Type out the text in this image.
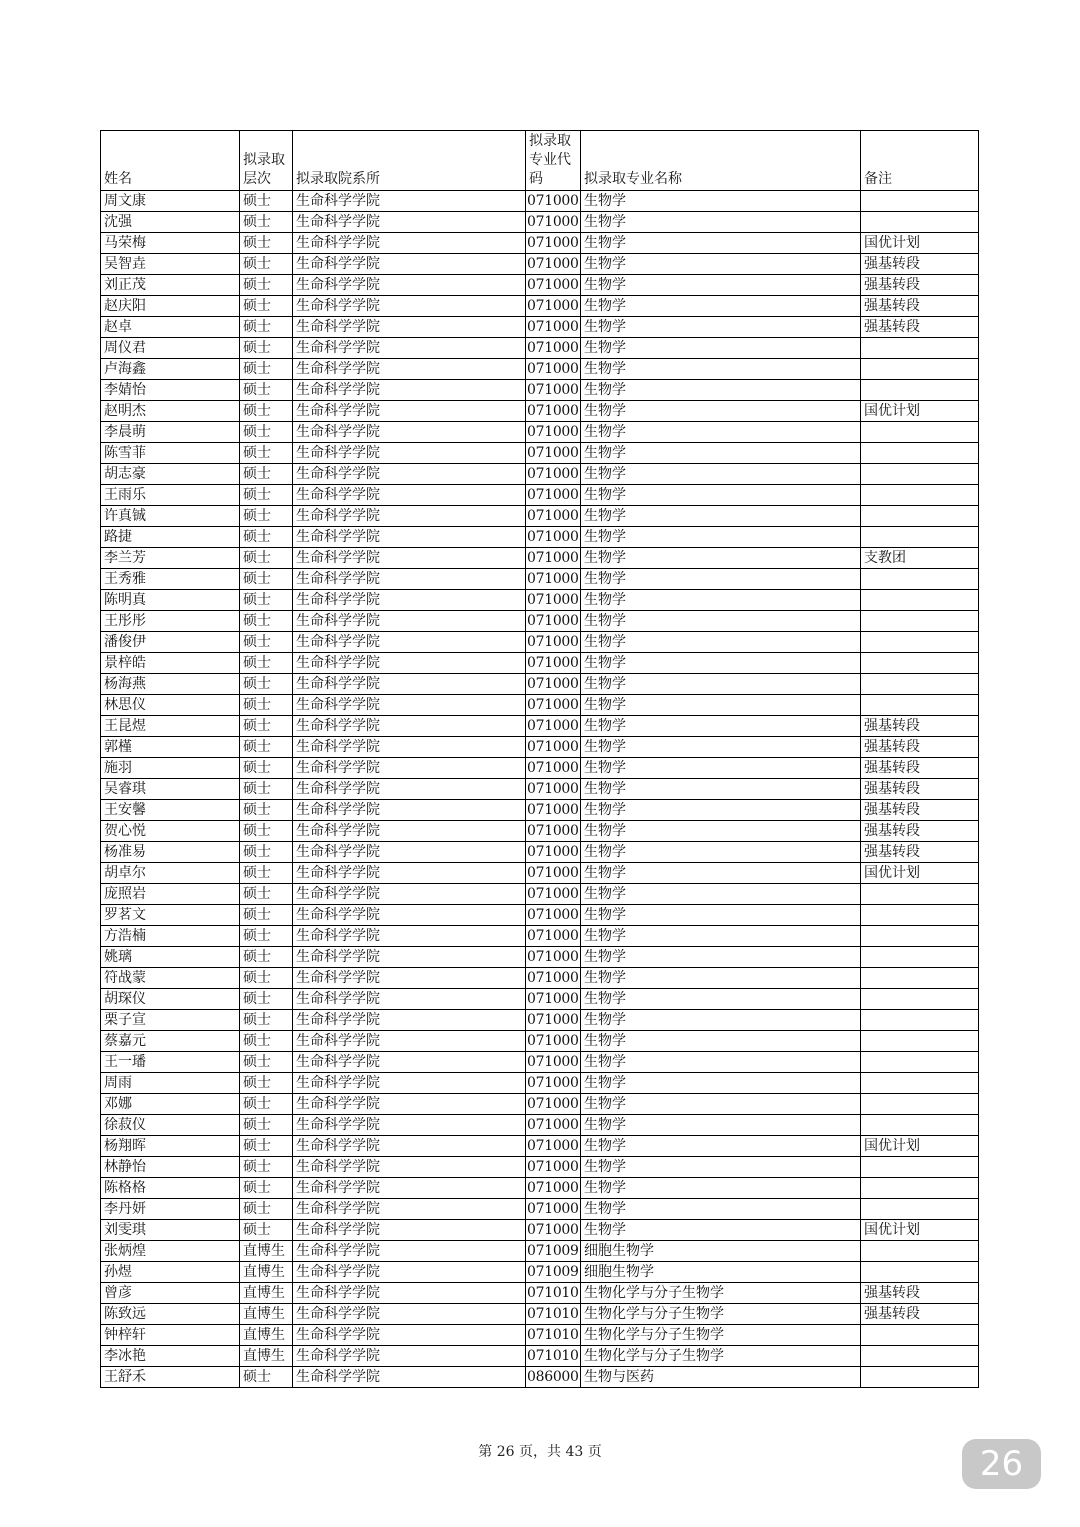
姓名	拟录取层次	拟录取院系所	拟录取专业代码	拟录取专业名称	备注
周文康	硕士	生命科学学院	071000	生物学	
沈强	硕士	生命科学学院	071000	生物学	
马荣梅	硕士	生命科学学院	071000	生物学	国优计划
吴智垚	硕士	生命科学学院	071000	生物学	强基转段
刘正茂	硕士	生命科学学院	071000	生物学	强基转段
赵庆阳	硕士	生命科学学院	071000	生物学	强基转段
赵卓	硕士	生命科学学院	071000	生物学	强基转段
周仪君	硕士	生命科学学院	071000	生物学	
卢海鑫	硕士	生命科学学院	071000	生物学	
李婧怡	硕士	生命科学学院	071000	生物学	
赵明杰	硕士	生命科学学院	071000	生物学	国优计划
李晨萌	硕士	生命科学学院	071000	生物学	
陈雪菲	硕士	生命科学学院	071000	生物学	
胡志豪	硕士	生命科学学院	071000	生物学	
王雨乐	硕士	生命科学学院	071000	生物学	
许真铖	硕士	生命科学学院	071000	生物学	
路捷	硕士	生命科学学院	071000	生物学	
李兰芳	硕士	生命科学学院	071000	生物学	支教团
王秀雅	硕士	生命科学学院	071000	生物学	
陈明真	硕士	生命科学学院	071000	生物学	
王彤彤	硕士	生命科学学院	071000	生物学	
潘俊伊	硕士	生命科学学院	071000	生物学	
景梓皓	硕士	生命科学学院	071000	生物学	
杨海燕	硕士	生命科学学院	071000	生物学	
林思仪	硕士	生命科学学院	071000	生物学	
王昆煜	硕士	生命科学学院	071000	生物学	强基转段
郭槿	硕士	生命科学学院	071000	生物学	强基转段
施羽	硕士	生命科学学院	071000	生物学	强基转段
吴睿琪	硕士	生命科学学院	071000	生物学	强基转段
王安馨	硕士	生命科学学院	071000	生物学	强基转段
贺心悦	硕士	生命科学学院	071000	生物学	强基转段
杨准易	硕士	生命科学学院	071000	生物学	强基转段
胡卓尔	硕士	生命科学学院	071000	生物学	国优计划
庞照岩	硕士	生命科学学院	071000	生物学	
罗茗文	硕士	生命科学学院	071000	生物学	
方浩楠	硕士	生命科学学院	071000	生物学	
姚璃	硕士	生命科学学院	071000	生物学	
符战蒙	硕士	生命科学学院	071000	生物学	
胡琛仪	硕士	生命科学学院	071000	生物学	
栗子宣	硕士	生命科学学院	071000	生物学	
蔡嘉元	硕士	生命科学学院	071000	生物学	
王一璠	硕士	生命科学学院	071000	生物学	
周雨	硕士	生命科学学院	071000	生物学	
邓娜	硕士	生命科学学院	071000	生物学	
徐菽仪	硕士	生命科学学院	071000	生物学	
杨翔晖	硕士	生命科学学院	071000	生物学	国优计划
林静怡	硕士	生命科学学院	071000	生物学	
陈格格	硕士	生命科学学院	071000	生物学	
李丹妍	硕士	生命科学学院	071000	生物学	
刘雯琪	硕士	生命科学学院	071000	生物学	国优计划
张炳煌	直博生	生命科学学院	071009	细胞生物学	
孙煜	直博生	生命科学学院	071009	细胞生物学	
曾彦	直博生	生命科学学院	071010	生物化学与分子生物学	强基转段
陈致远	直博生	生命科学学院	071010	生物化学与分子生物学	强基转段
钟梓轩	直博生	生命科学学院	071010	生物化学与分子生物学	
李冰艳	直博生	生命科学学院	071010	生物化学与分子生物学	
王舒禾	硕士	生命科学学院	086000	生物与医药	
第 26 页，共 43 页	26
